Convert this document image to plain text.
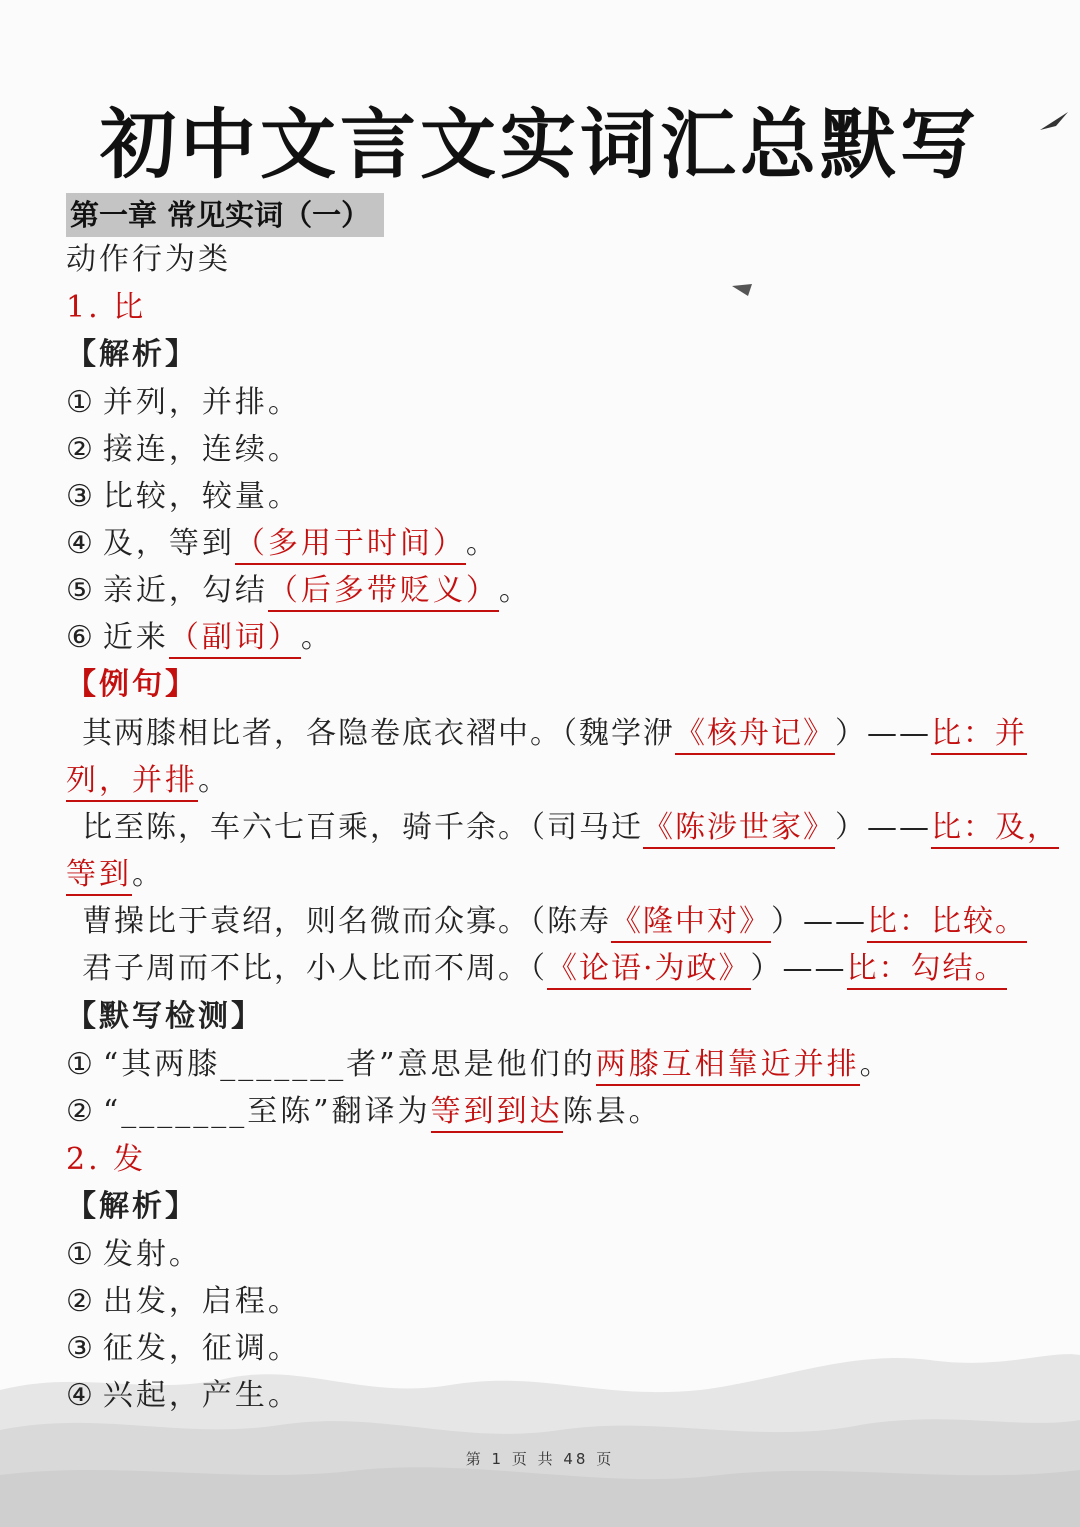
初中文言文实词汇总默写
第一章 常见实词（一）
动作行为类
1. 比
【解析】
①并列，并排。
②接连，连续。
③比较，较量。
④及，等到（多用于时间）。
⑤亲近，勾结（后多带贬义）。
⑥近来（副词）。
【例句】
其两膝相比者，各隐卷底衣褶中。（魏学洢《核舟记》）——比：并
列，并排。
比至陈，车六七百乘，骑千余。（司马迁《陈涉世家》）——比：及，
等到。
曹操比于袁绍，则名微而众寡。（陈寿《隆中对》）——比：比较。
君子周而不比，小人比而不周。（《论语·为政》）——比：勾结。
【默写检测】
①“其两膝_______者”意思是他们的两膝互相靠近并排。
②“_______至陈”翻译为等到到达陈县。
2. 发
【解析】
①发射。
②出发，启程。
③征发，征调。
④兴起，产生。
第 1 页 共 48 页
